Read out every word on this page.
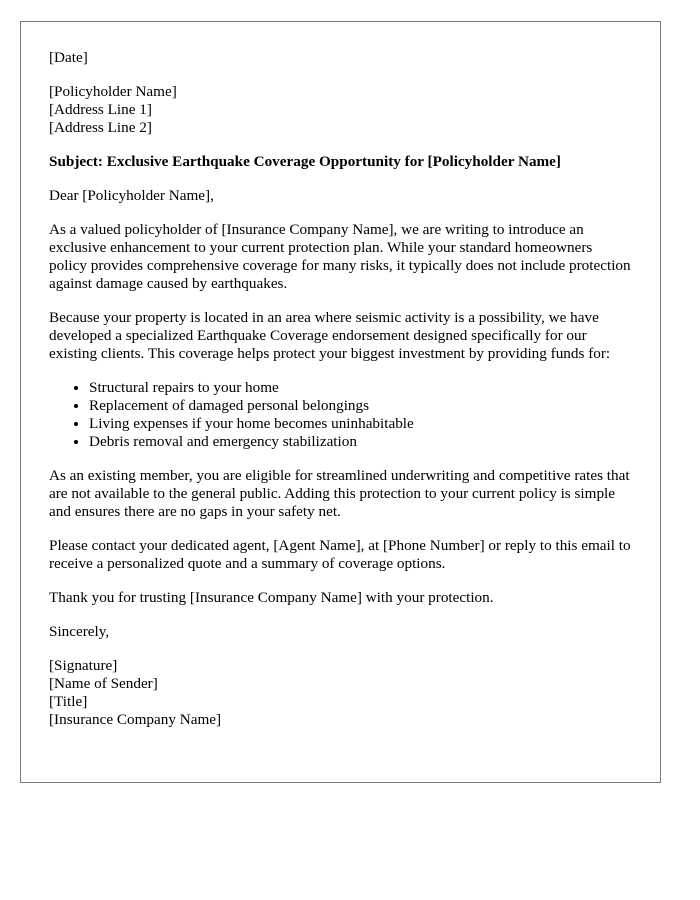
[Date]
[Policyholder Name]
[Address Line 1]
[Address Line 2]
Subject: Exclusive Earthquake Coverage Opportunity for [Policyholder Name]
Dear [Policyholder Name],

As a valued policyholder of [Insurance Company Name], we are writing to introduce an exclusive enhancement to your current protection plan. While your standard homeowners policy provides comprehensive coverage for many risks, it typically does not include protection against damage caused by earthquakes.

Because your property is located in an area where seismic activity is a possibility, we have developed a specialized Earthquake Coverage endorsement designed specifically for our existing clients. This coverage helps protect your biggest investment by providing funds for:

• Structural repairs to your home
• Replacement of damaged personal belongings
• Living expenses if your home becomes uninhabitable
• Debris removal and emergency stabilization

As an existing member, you are eligible for streamlined underwriting and competitive rates that are not available to the general public. Adding this protection to your current policy is simple and ensures there are no gaps in your safety net.

Please contact your dedicated agent, [Agent Name], at [Phone Number] or reply to this email to receive a personalized quote and a summary of coverage options.

Thank you for trusting [Insurance Company Name] with your protection.

Sincerely,
[Signature]
[Name of Sender]
[Title]
[Insurance Company Name]
